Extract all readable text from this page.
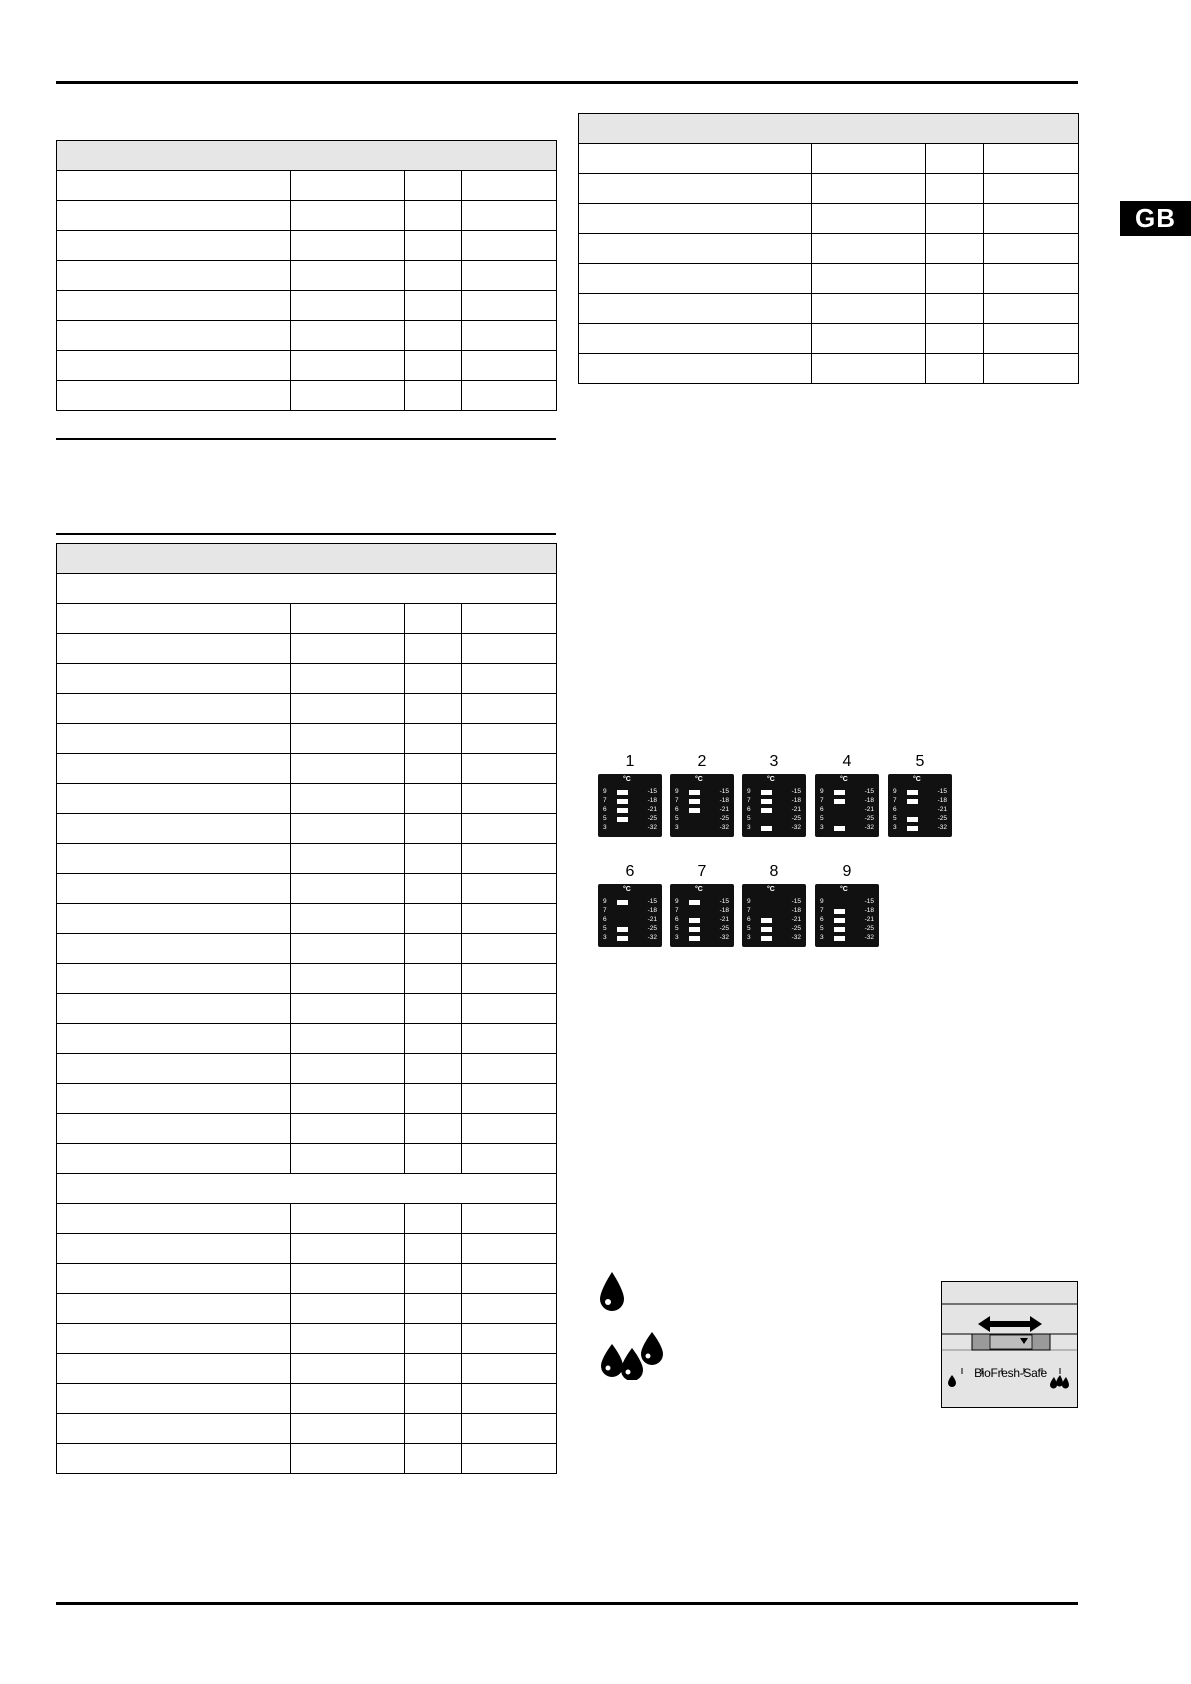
GB

1
°C
9	-15
7	-18
6	-21
5	-25
3	-32
2
°C
9	-15
7	-18
6	-21
5	-25
3	-32
3
°C
9	-15
7	-18
6	-21
5	-25
3	-32
4
°C
9	-15
7	-18
6	-21
5	-25
3	-32
5
°C
9	-15
7	-18
6	-21
5	-25
3	-32
6
°C
9	-15
7	-18
6	-21
5	-25
3	-32
7
°C
9	-15
7	-18
6	-21
5	-25
3	-32
8
°C
9	-15
7	-18
6	-21
5	-25
3	-32
9
°C
9	-15
7	-18
6	-21
5	-25
3	-32
BioFresh-Safe
